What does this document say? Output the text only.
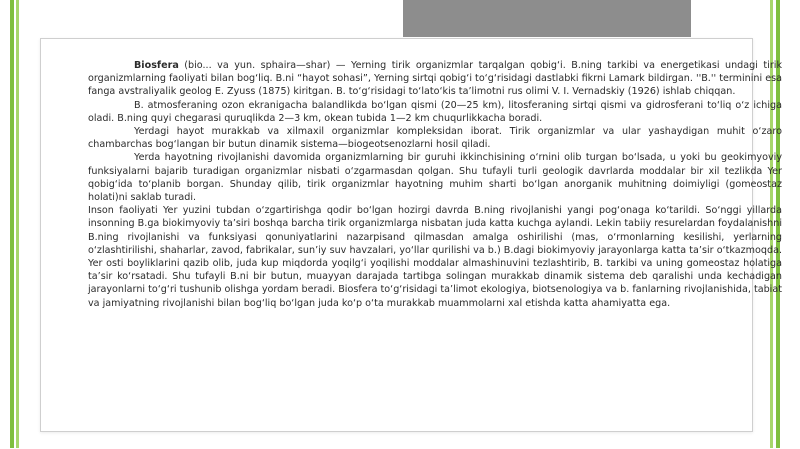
Biosfera (bio... va yun. sphaira—shar) — Yerning tirik organizmlar tarqalgan qobig‘i. B.ning tarkibi va energetikasi undagi tirik organizmlarning faoliyati bilan bog‘liq. B.ni “hayot sohasi”, Yerning sirtqi qobig‘i to‘g‘risidagi dastlabki fikrni Lamark bildirgan. ''B.'' terminini esa fanga avstraliyalik geolog E. Zyuss (1875) kiritgan. B. to‘g‘risidagi to‘lato‘kis ta’limotni rus olimi V. I. Vernadskiy (1926) ishlab chiqqan.

B. atmosferaning ozon ekranigacha balandlikda bo‘lgan qismi (20—25 km), litosferaning sirtqi qismi va gidrosferani to‘liq o‘z ichiga oladi. B.ning quyi chegarasi quruqlikda 2—3 km, okean tubida 1—2 km chuqurlikkacha boradi.

Yerdagi hayot murakkab va xilmaxil organizmlar kompleksidan iborat. Tirik organizmlar va ular yashaydigan muhit o‘zaro chambarchas bog‘langan bir butun dinamik sistema—biogeotsenozlarni hosil qiladi.

Yerda hayotning rivojlanishi davomida organizmlarning bir guruhi ikkinchisining o‘rnini olib turgan bo‘lsada, u yoki bu geokimyoviy funksiyalarni bajarib turadigan organizmlar nisbati o‘zgarmasdan qolgan. Shu tufayli turli geologik davrlarda moddalar bir xil tezlikda Yer qobig‘ida to‘planib borgan. Shunday qilib, tirik organizmlar hayotning muhim sharti bo‘lgan anorganik muhitning doimiyligi (gomeostaz holati)ni saklab turadi.

Inson faoliyati Yer yuzini tubdan o‘zgartirishga qodir bo‘lgan hozirgi davrda B.ning rivojlanishi yangi pog‘onaga ko‘tarildi. So‘nggi yillarda insonning B.ga biokimyoviy ta’siri boshqa barcha tirik organizmlarga nisbatan juda katta kuchga aylandi. Lekin tabiiy resurelardan foydalanishni B.ning rivojlanishi va funksiyasi qonuniyatlarini nazarpisand qilmasdan amalga oshirilishi (mas, o‘rmonlarning kesilishi, yerlarning o‘zlashtirilishi, shaharlar, zavod, fabrikalar, sun’iy suv havzalari, yo‘llar qurilishi va b.) B.dagi biokimyoviy jarayonlarga katta ta’sir o‘tkazmoqda. Yer osti boyliklarini qazib olib, juda kup miqdorda yoqilg‘i yoqilishi moddalar almashinuvini tezlashtirib, B. tarkibi va uning gomeostaz holatiga ta’sir ko‘rsatadi. Shu tufayli B.ni bir butun, muayyan darajada tartibga solingan murakkab dinamik sistema deb qaralishi unda kechadigan jarayonlarni to‘g‘ri tushunib olishga yordam beradi. Biosfera to‘g‘risidagi ta’limot ekologiya, biotsenologiya va b. fanlarning rivojlanishida, tabiat va jamiyatning rivojlanishi bilan bog‘liq bo‘lgan juda ko‘p o‘ta murakkab muammolarni xal etishda katta ahamiyatta ega.
